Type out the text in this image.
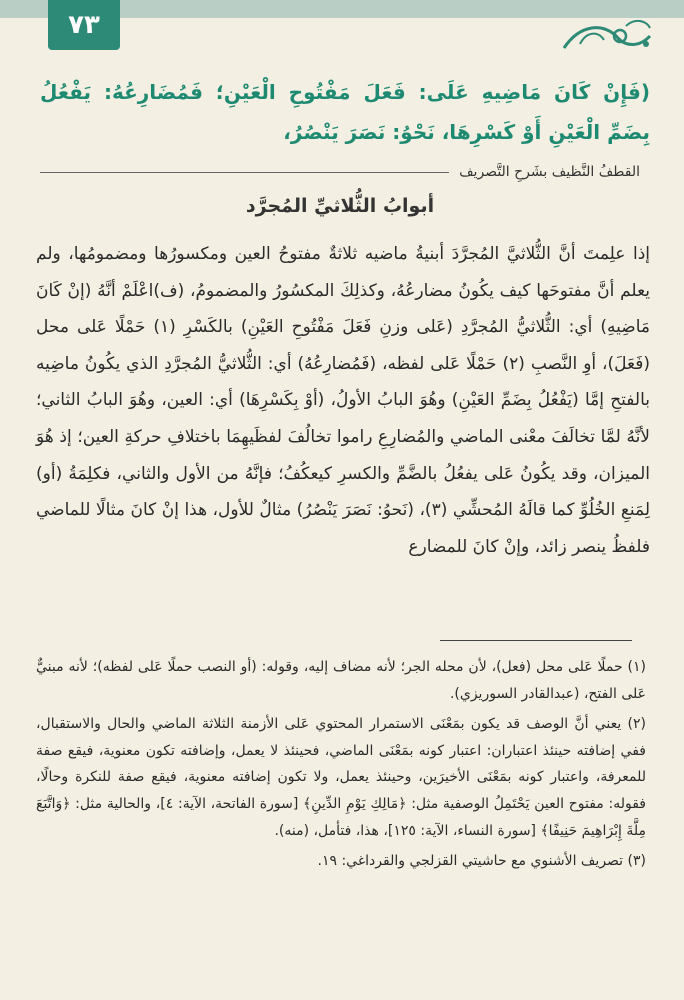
٧٣
(فَإِنْ كَانَ مَاضِيهِ عَلَى: فَعَلَ مَفْتُوحِ الْعَيْنِ؛ فَمُضَارِعُهُ: يَفْعُلُ بِضَمِّ الْعَيْنِ أَوْ كَسْرِهَا، نَحْوُ: نَصَرَ يَنْصُرُ،
القطفُ النَّظيف بشَرحِ التَّصريف
أبوابُ الثُّلاثيِّ المُجرَّد
إذا علِمتَ أنَّ الثُّلاثيَّ المُجرَّدَ أبنيةُ ماضيه ثلاثةٌ مفتوحُ العين ومكسورُها ومضمومُها، ولم يعلم أنَّ مفتوحَها كيف يكُونُ مضارعُهُ، وكذلِكَ المكسُورُ والمضمومُ، (ف)اعْلَمْ أنَّهُ (إنْ كَانَ مَاضِيهِ) أي: الثُّلاثيُّ المُجرَّدِ (عَلى وزنِ فَعَلَ مَفْتُوحِ العَيْنِ) بالكَسْرِ (١) حَمْلًا عَلى محل (فَعَلَ)، أوِ النَّصبِ (٢) حَمْلًا عَلى لفظه، (فَمُضارِعُهُ) أي: الثُّلاثيُّ المُجرَّدِ الذي يكُونُ ماضِيه بالفتحِ إمَّا (يَفْعُلُ بِضَمِّ العَيْنِ) وهُوَ البابُ الأولُ، (أوْ بِكَسْرِهَا) أي: العين، وهُوَ البابُ الثاني؛ لأنَّهُ لمَّا تخالَفَ معْنى الماضي والمُضارِعِ راموا تخالُفَ لفظَيهِمَا باختلافِ حركةِ العين؛ إذ هُوَ الميزان، وقد يكُونُ عَلى يفعُلُ بالضَّمِّ والكسرِ كيعكُفُ؛ فإنَّهُ من الأول والثاني، فكلِمَةُ (أو) لِمَنعِ الخُلُوِّ كما قالَهُ المُحشِّي (٣)، (نَحوُ: نَصَرَ يَنْصُرُ) مثالٌ للأول، هذا إنْ كانَ مثالًا للماضي فلفظُ ينصر زائد، وإنْ كانَ للمضارع

(١) حملًا عَلى محل (فعل)، لأن محله الجر؛ لأنه مضاف إليه، وقوله: (أو النصب حملًا عَلى لفظه)؛ لأنه مبنيٌّ عَلى الفتح، (عبدالقادر السوريزي).

(٢) يعني أنَّ الوصف قد يكون بمَعْنَى الاستمرار المحتوي عَلى الأزمنة الثلاثة الماضي والحال والاستقبال، ففي إضافته حينئذ اعتباران: اعتبار كونه بمَعْنَى الماضي، فحينئذ لا يعمل، وإضافته تكون معنوية، فيقع صفة للمعرفة، واعتبار كونه بمَعْنَى الأخيرَين، وحينئذ يعمل، ولا تكون إضافته معنوية، فيقع صفة للنكرة وحالًا، فقوله: مفتوح العين يَحْتَمِلُ الوصفية مثل: ﴿مَالِكِ يَوْمِ الدِّينِ﴾ [سورة الفاتحة، الآية: ٤]، والحالية مثل: ﴿وَاتَّبَعَ مِلَّةَ إِبْرَاهِيمَ حَنِيفًا﴾ [سورة النساء، الآية: ١٢٥]، هذا، فتأمل، (منه).

(٣) تصريف الأشنوي مع حاشيتي القزلجي والقرداغي: ١٩.
